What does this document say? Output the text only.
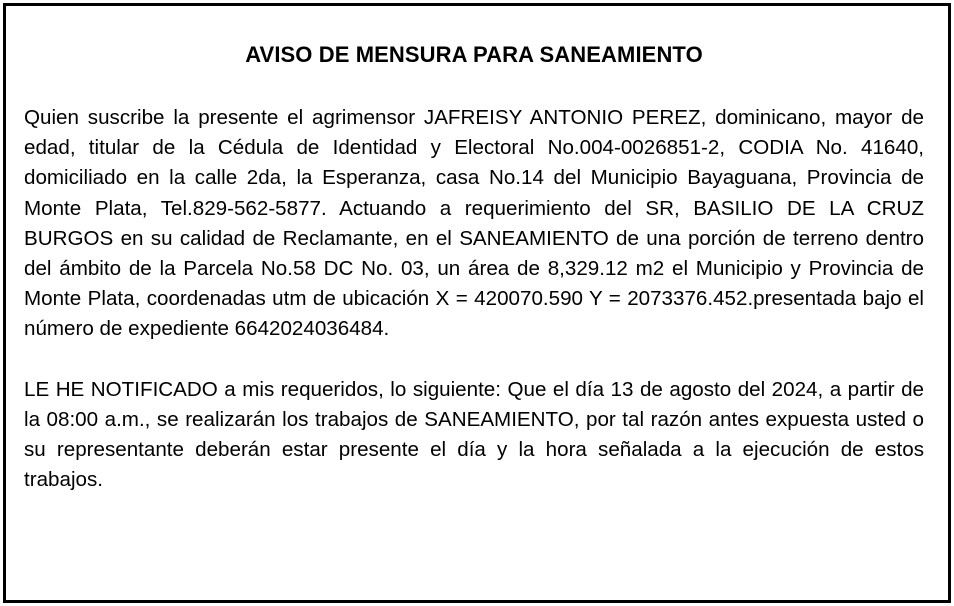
AVISO DE MENSURA PARA SANEAMIENTO

Quien suscribe la presente el agrimensor JAFREISY ANTONIO PEREZ, dominicano, mayor de edad, titular de la Cédula de Identidad y Electoral No.004-0026851-2, CODIA No. 41640, domiciliado en la calle 2da, la Esperanza, casa No.14 del Municipio Bayaguana, Provincia de Monte Plata, Tel.829-562-5877. Actuando a requerimiento del SR, BASILIO DE LA CRUZ BURGOS en su calidad de Reclamante, en el SANEAMIENTO de una porción de terreno dentro del ámbito de la Parcela No.58 DC No. 03, un área de 8,329.12 m2 el Municipio y Provincia de Monte Plata, coordenadas utm de ubicación X = 420070.590 Y = 2073376.452.presentada bajo el número de expediente 6642024036484.

LE HE NOTIFICADO a mis requeridos, lo siguiente: Que el día 13 de agosto del 2024, a partir de la 08:00 a.m., se realizarán los trabajos de SANEAMIENTO, por tal razón antes expuesta usted o su representante deberán estar presente el día y la hora señalada a la ejecución de estos trabajos.
